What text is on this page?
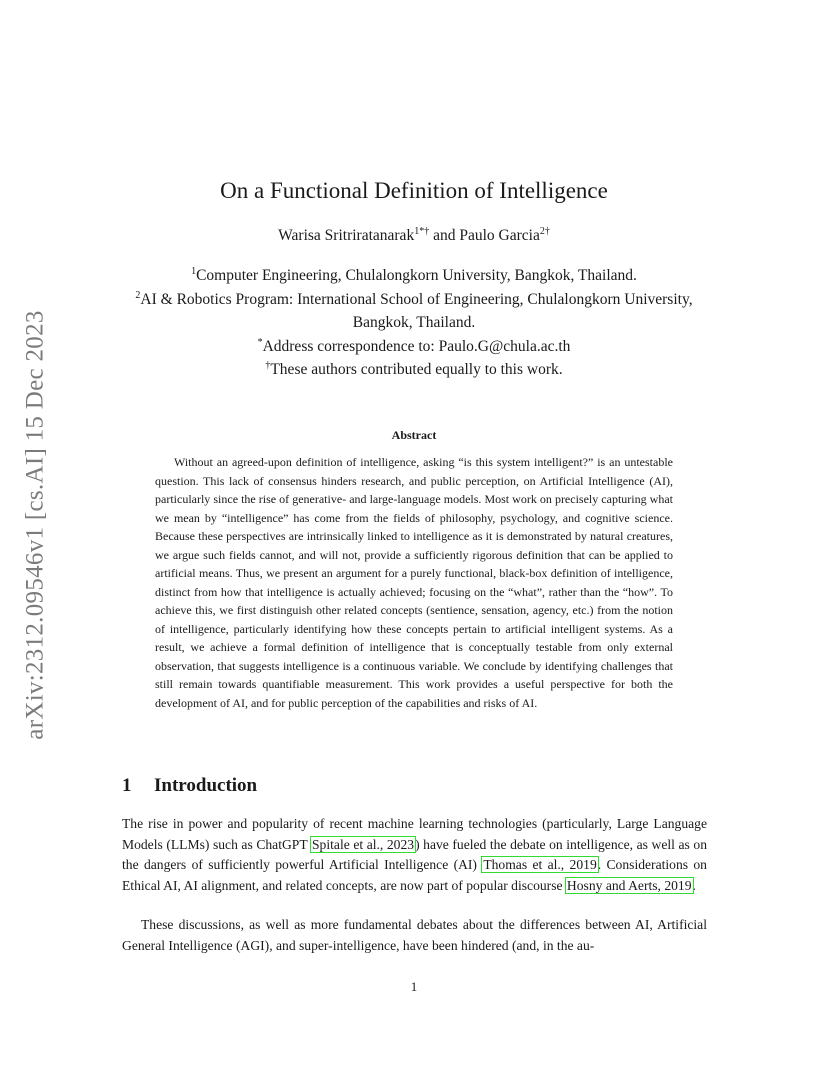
arXiv:2312.09546v1 [cs.AI] 15 Dec 2023
On a Functional Definition of Intelligence
Warisa Sritriratanarak$^{1*\dagger}$ and Paulo Garcia$^{2\dagger}$
$^1$Computer Engineering, Chulalongkorn University, Bangkok, Thailand.
$^2$AI & Robotics Program: International School of Engineering, Chulalongkorn University, Bangkok, Thailand.
*Address correspondence to: Paulo.G@chula.ac.th
†These authors contributed equally to this work.
Abstract

Without an agreed-upon definition of intelligence, asking “is this system intelligent?” is an untestable question. This lack of consensus hinders research, and public perception, on Artificial Intelligence (AI), particularly since the rise of generative- and large-language models. Most work on precisely capturing what we mean by “intelligence” has come from the fields of philosophy, psychology, and cognitive science. Because these perspectives are intrinsically linked to intelligence as it is demonstrated by natural creatures, we argue such fields cannot, and will not, provide a sufficiently rigorous definition that can be applied to artificial means. Thus, we present an argument for a purely functional, black-box definition of intelligence, distinct from how that intelligence is actually achieved; focusing on the “what”, rather than the “how”. To achieve this, we first distinguish other related concepts (sentience, sensation, agency, etc.) from the notion of intelligence, particularly identifying how these concepts pertain to artificial intelligent systems. As a result, we achieve a formal definition of intelligence that is conceptually testable from only external observation, that suggests intelligence is a continuous variable. We conclude by identifying challenges that still remain towards quantifiable measurement. This work provides a useful perspective for both the development of AI, and for public perception of the capabilities and risks of AI.

1 Introduction

The rise in power and popularity of recent machine learning technologies (particularly, Large Language Models (LLMs) such as ChatGPT Spitale et al., 2023) have fueled the debate on intelligence, as well as on the dangers of sufficiently powerful Artificial Intelligence (AI) Thomas et al., 2019. Considerations on Ethical AI, AI alignment, and related concepts, are now part of popular discourse Hosny and Aerts, 2019.

These discussions, as well as more fundamental debates about the differences between AI, Artificial General Intelligence (AGI), and super-intelligence, have been hindered (and, in the au-

1
